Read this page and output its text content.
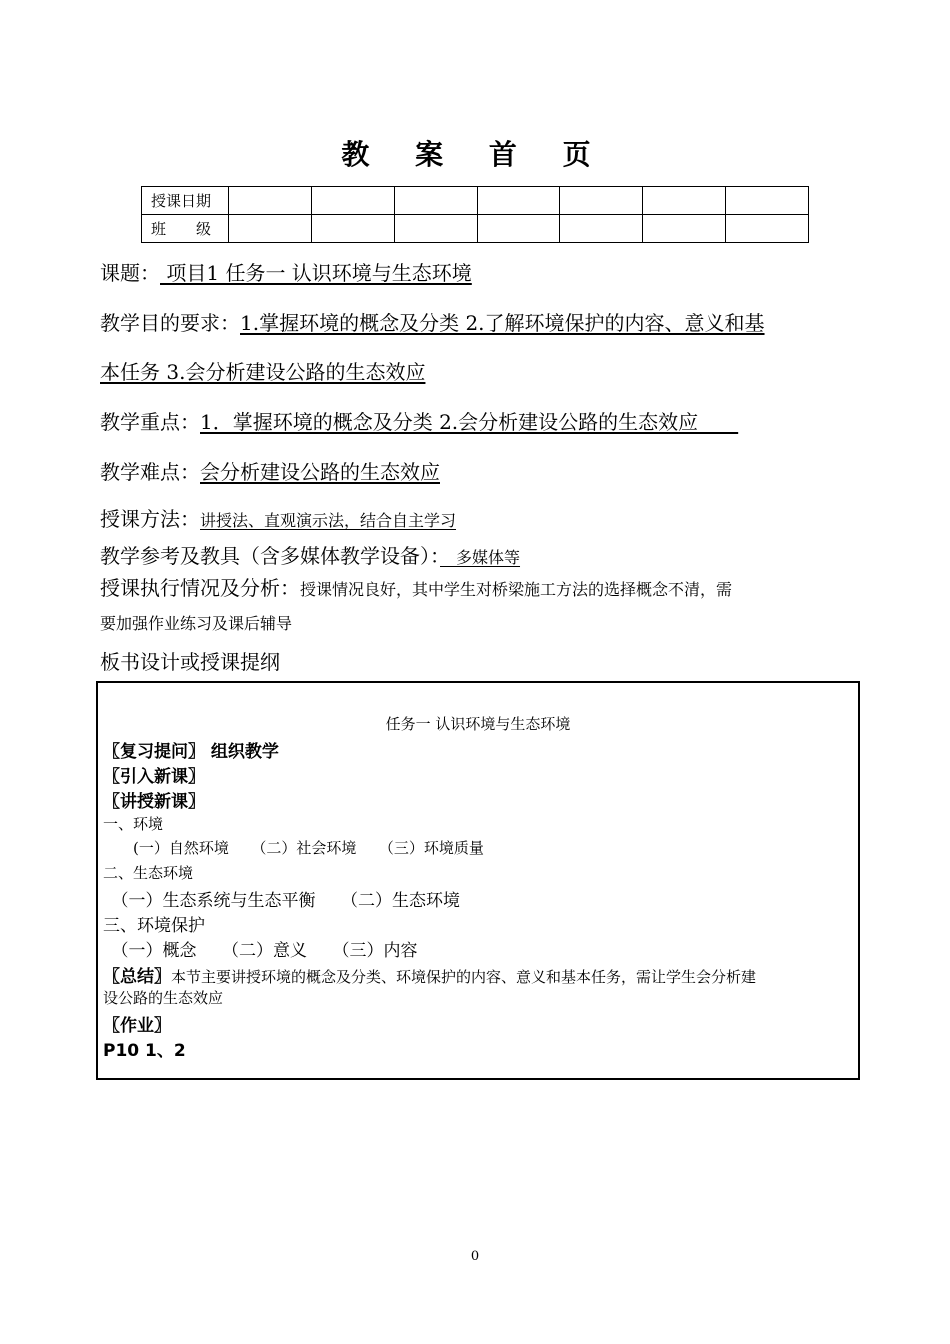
教 案 首 页
授课日期							
班　　级							
课题： 项目1 任务一 认识环境与生态环境
教学目的要求：1.掌握环境的概念及分类 2.了解环境保护的内容、意义和基
本任务 3.会分析建设公路的生态效应
教学重点：1．掌握环境的概念及分类 2.会分析建设公路的生态效应　　
教学难点：会分析建设公路的生态效应
授课方法：讲授法、直观演示法，结合自主学习
教学参考及教具（含多媒体教学设备）：　多媒体等
授课执行情况及分析：授课情况良好，其中学生对桥梁施工方法的选择概念不清，需
要加强作业练习及课后辅导
板书设计或授课提纲
任务一 认识环境与生态环境
〖复习提问〗 组织教学
〖引入新课〗
〖讲授新课〗
一、环境
　　(一）自然环境　　（二）社会环境　　（三）环境质量
二、生态环境
　（一）生态系统与生态平衡　　（二）生态环境
三、环境保护
　（一）概念　　（二）意义　　（三）内容
〖总结〗本节主要讲授环境的概念及分类、环境保护的内容、意义和基本任务，需让学生会分析建
设公路的生态效应
〖作业〗
P10 1、2
0
